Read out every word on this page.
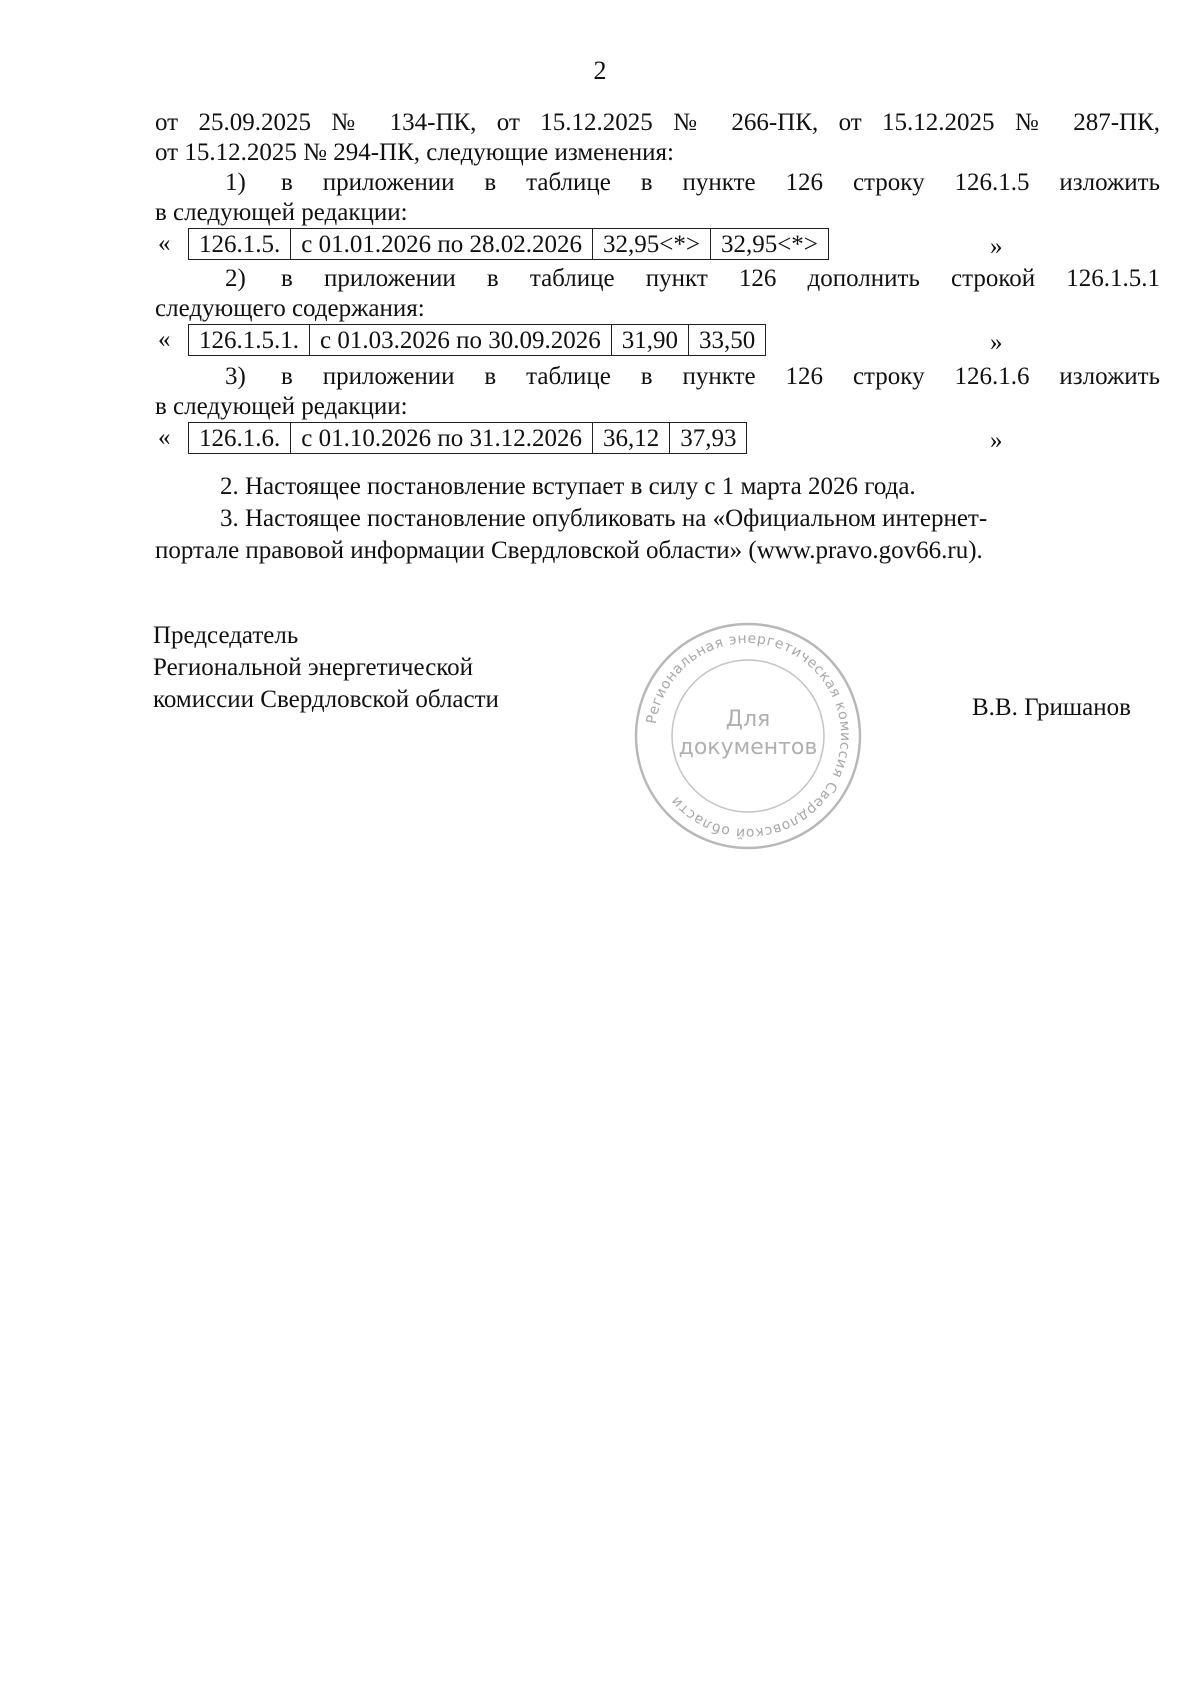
2
от 25.09.2025 № 134-ПК, от 15.12.2025 № 266-ПК, от 15.12.2025 № 287-ПК,
от 15.12.2025 № 294-ПК, следующие изменения:
1) в приложении в таблице в пункте 126 строку 126.1.5 изложить
в следующей редакции:
« 126.1.5.	с 01.01.2026 по 28.02.2026	32,95<*>	32,95<*>	»
2) в приложении в таблице пункт 126 дополнить строкой 126.1.5.1
следующего содержания:
« 126.1.5.1.	с 01.03.2026 по 30.09.2026	31,90	33,50	»
3) в приложении в таблице в пункте 126 строку 126.1.6 изложить
в следующей редакции:
« 126.1.6.	с 01.10.2026 по 31.12.2026	36,12	37,93	»
2. Настоящее постановление вступает в силу с 1 марта 2026 года.
3. Настоящее постановление опубликовать на «Официальном интернет-
портале правовой информации Свердловской области» (www.pravo.gov66.ru).
Председатель
Региональной энергетической
комиссии Свердловской области
Региональная энергетическая комиссия Свердловской области
Для
документов
В.В. Гришанов
